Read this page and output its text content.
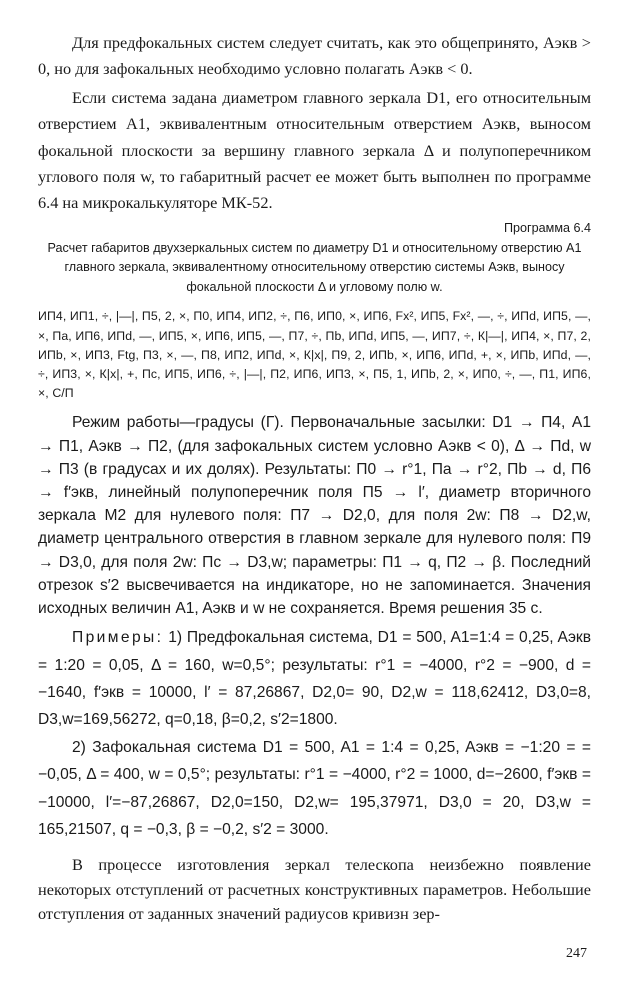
Для предфокальных систем следует считать, как это общепринято, Aэкв > 0, но для зафокальных необходимо условно полагать Aэкв < 0.

Если система задана диаметром главного зеркала D1, его относительным отверстием A1, эквивалентным относительным отверстием Aэкв, выносом фокальной плоскости за вершину главного зеркала Δ и полупоперечником углового поля w, то габаритный расчет ее может быть выполнен по программе 6.4 на микрокалькуляторе МК-52.

Программа 6.4

Расчет габаритов двухзеркальных систем по диаметру D1 и относительному отверстию A1 главного зеркала, эквивалентному относительному отверстию системы Aэкв, выносу фокальной плоскости Δ и угловому полю w.

ИП4, ИП1, ÷, |—|, П5, 2, ×, П0, ИП4, ИП2, ÷, П6, ИП0, ×, ИП6, Fx², ИП5, Fx², —, ÷, ИПd, ИП5, —, ×, Па, ИП6, ИПd, —, ИП5, ×, ИП6, ИП5, —, П7, ÷, Пb, ИПd, ИП5, —, ИП7, ÷, К|—|, ИП4, ×, П7, 2, ИПb, ×, ИП3, Ftg, П3, ×, —, П8, ИП2, ИПd, ×, К|x|, П9, 2, ИПb, ×, ИП6, ИПd, +, ×, ИПb, ИПd, —, ÷, ИП3, ×, К|x|, +, Пс, ИП5, ИП6, ÷, |—|, П2, ИП6, ИП3, ×, П5, 1, ИПb, 2, ×, ИП0, ÷, —, П1, ИП6, ×, С/П

Режим работы—градусы (Г). Первоначальные засылки: D1 → П4, A1 → П1, Aэкв → П2, (для зафокальных систем условно Aэкв < 0), Δ → Пd, w → П3 (в градусах и их долях). Результаты: П0 → r°1, Па → r°2, Пb → d, П6 → f′экв, линейный полупоперечник поля П5 → l′, диаметр вторичного зеркала М2 для нулевого поля: П7 → D2,0, для поля 2w: П8 → D2,w, диаметр центрального отверстия в главном зеркале для нулевого поля: П9 → D3,0, для поля 2w: Пс → D3,w; параметры: П1 → q, П2 → β. Последний отрезок s′2 высвечивается на индикаторе, но не запоминается. Значения исходных величин A1, Aэкв и w не сохраняется. Время решения 35 с.

Примеры: 1) Предфокальная система, D1 = 500, A1=1:4 = 0,25, Aэкв = 1:20 = 0,05, Δ = 160, w=0,5°; результаты: r°1 = −4000, r°2 = −900, d = −1640, f′экв = 10000, l′ = 87,26867, D2,0= 90, D2,w = 118,62412, D3,0=8, D3,w=169,56272, q=0,18, β=0,2, s′2=1800.

2) Зафокальная система D1 = 500, A1 = 1:4 = 0,25, Aэкв = −1:20 = = −0,05, Δ = 400, w = 0,5°; результаты: r°1 = −4000, r°2 = 1000, d=−2600, f′экв = −10000, l′=−87,26867, D2,0=150, D2,w= 195,37971, D3,0 = 20, D3,w = 165,21507, q = −0,3, β = −0,2, s′2 = 3000.

В процессе изготовления зеркал телескопа неизбежно появление некоторых отступлений от расчетных конструктивных параметров. Небольшие отступления от заданных значений радиусов кривизн зер-

247
